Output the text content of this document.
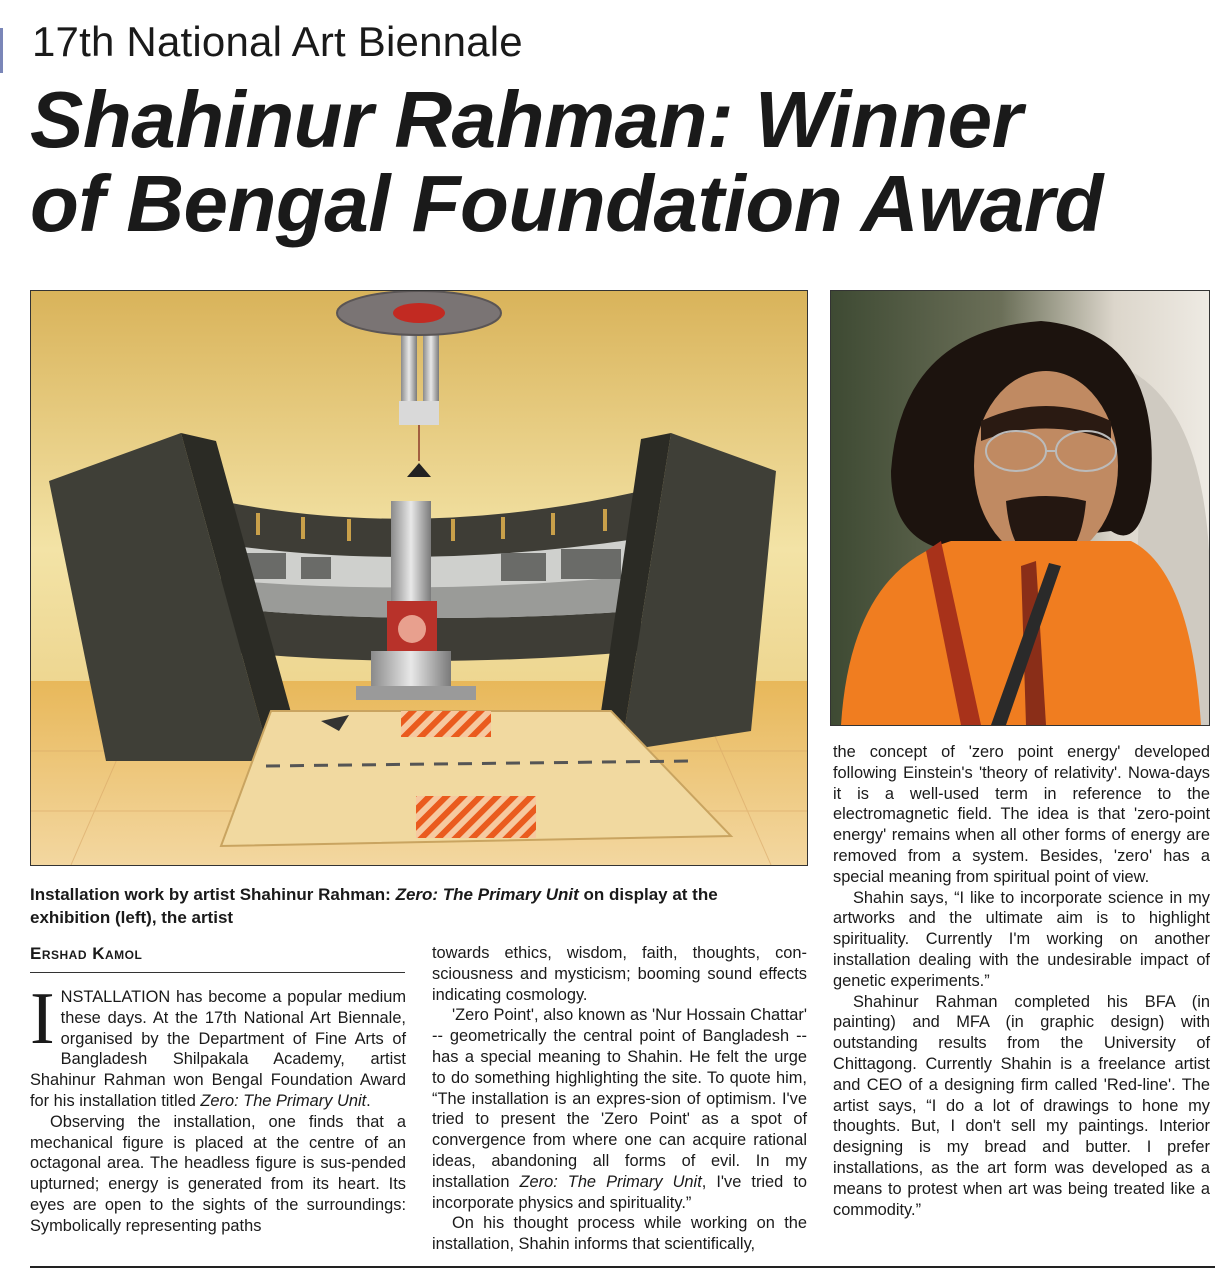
17th National Art Biennale
Shahinur Rahman: Winner
of Bengal Foundation Award
Installation work by artist Shahinur Rahman: Zero: The Primary Unit on display at the exhibition (left), the artist
Ershad Kamol

INSTALLATION has become a popular medium these days. At the 17th National Art Biennale, organised by the Department of Fine Arts of Bangladesh Shilpakala Academy, artist Shahinur Rahman won Bengal Foundation Award for his installation titled Zero: The Primary Unit.

Observing the installation, one finds that a mechanical figure is placed at the centre of an octagonal area. The headless figure is sus-pended upturned; energy is generated from its heart. Its eyes are open to the sights of the surroundings: Symbolically representing paths

towards ethics, wisdom, faith, thoughts, con-sciousness and mysticism; booming sound effects indicating cosmology.

'Zero Point', also known as 'Nur Hossain Chattar' -- geometrically the central point of Bangladesh -- has a special meaning to Shahin. He felt the urge to do something highlighting the site. To quote him, “The installation is an expres-sion of optimism. I've tried to present the 'Zero Point' as a spot of convergence from where one can acquire rational ideas, abandoning all forms of evil. In my installation Zero: The Primary Unit, I've tried to incorporate physics and spirituality.”

On his thought process while working on the installation, Shahin informs that scientifically,

the concept of 'zero point energy' developed following Einstein's 'theory of relativity'. Nowa-days it is a well-used term in reference to the electromagnetic field. The idea is that 'zero-point energy' remains when all other forms of energy are removed from a system. Besides, 'zero' has a special meaning from spiritual point of view.

Shahin says, “I like to incorporate science in my artworks and the ultimate aim is to highlight spirituality. Currently I'm working on another installation dealing with the undesirable impact of genetic experiments.”

Shahinur Rahman completed his BFA (in painting) and MFA (in graphic design) with outstanding results from the University of Chittagong. Currently Shahin is a freelance artist and CEO of a designing firm called 'Red-line'. The artist says, “I do a lot of drawings to hone my thoughts. But, I don't sell my paintings. Interior designing is my bread and butter. I prefer installations, as the art form was developed as a means to protest when art was being treated like a commodity.”
